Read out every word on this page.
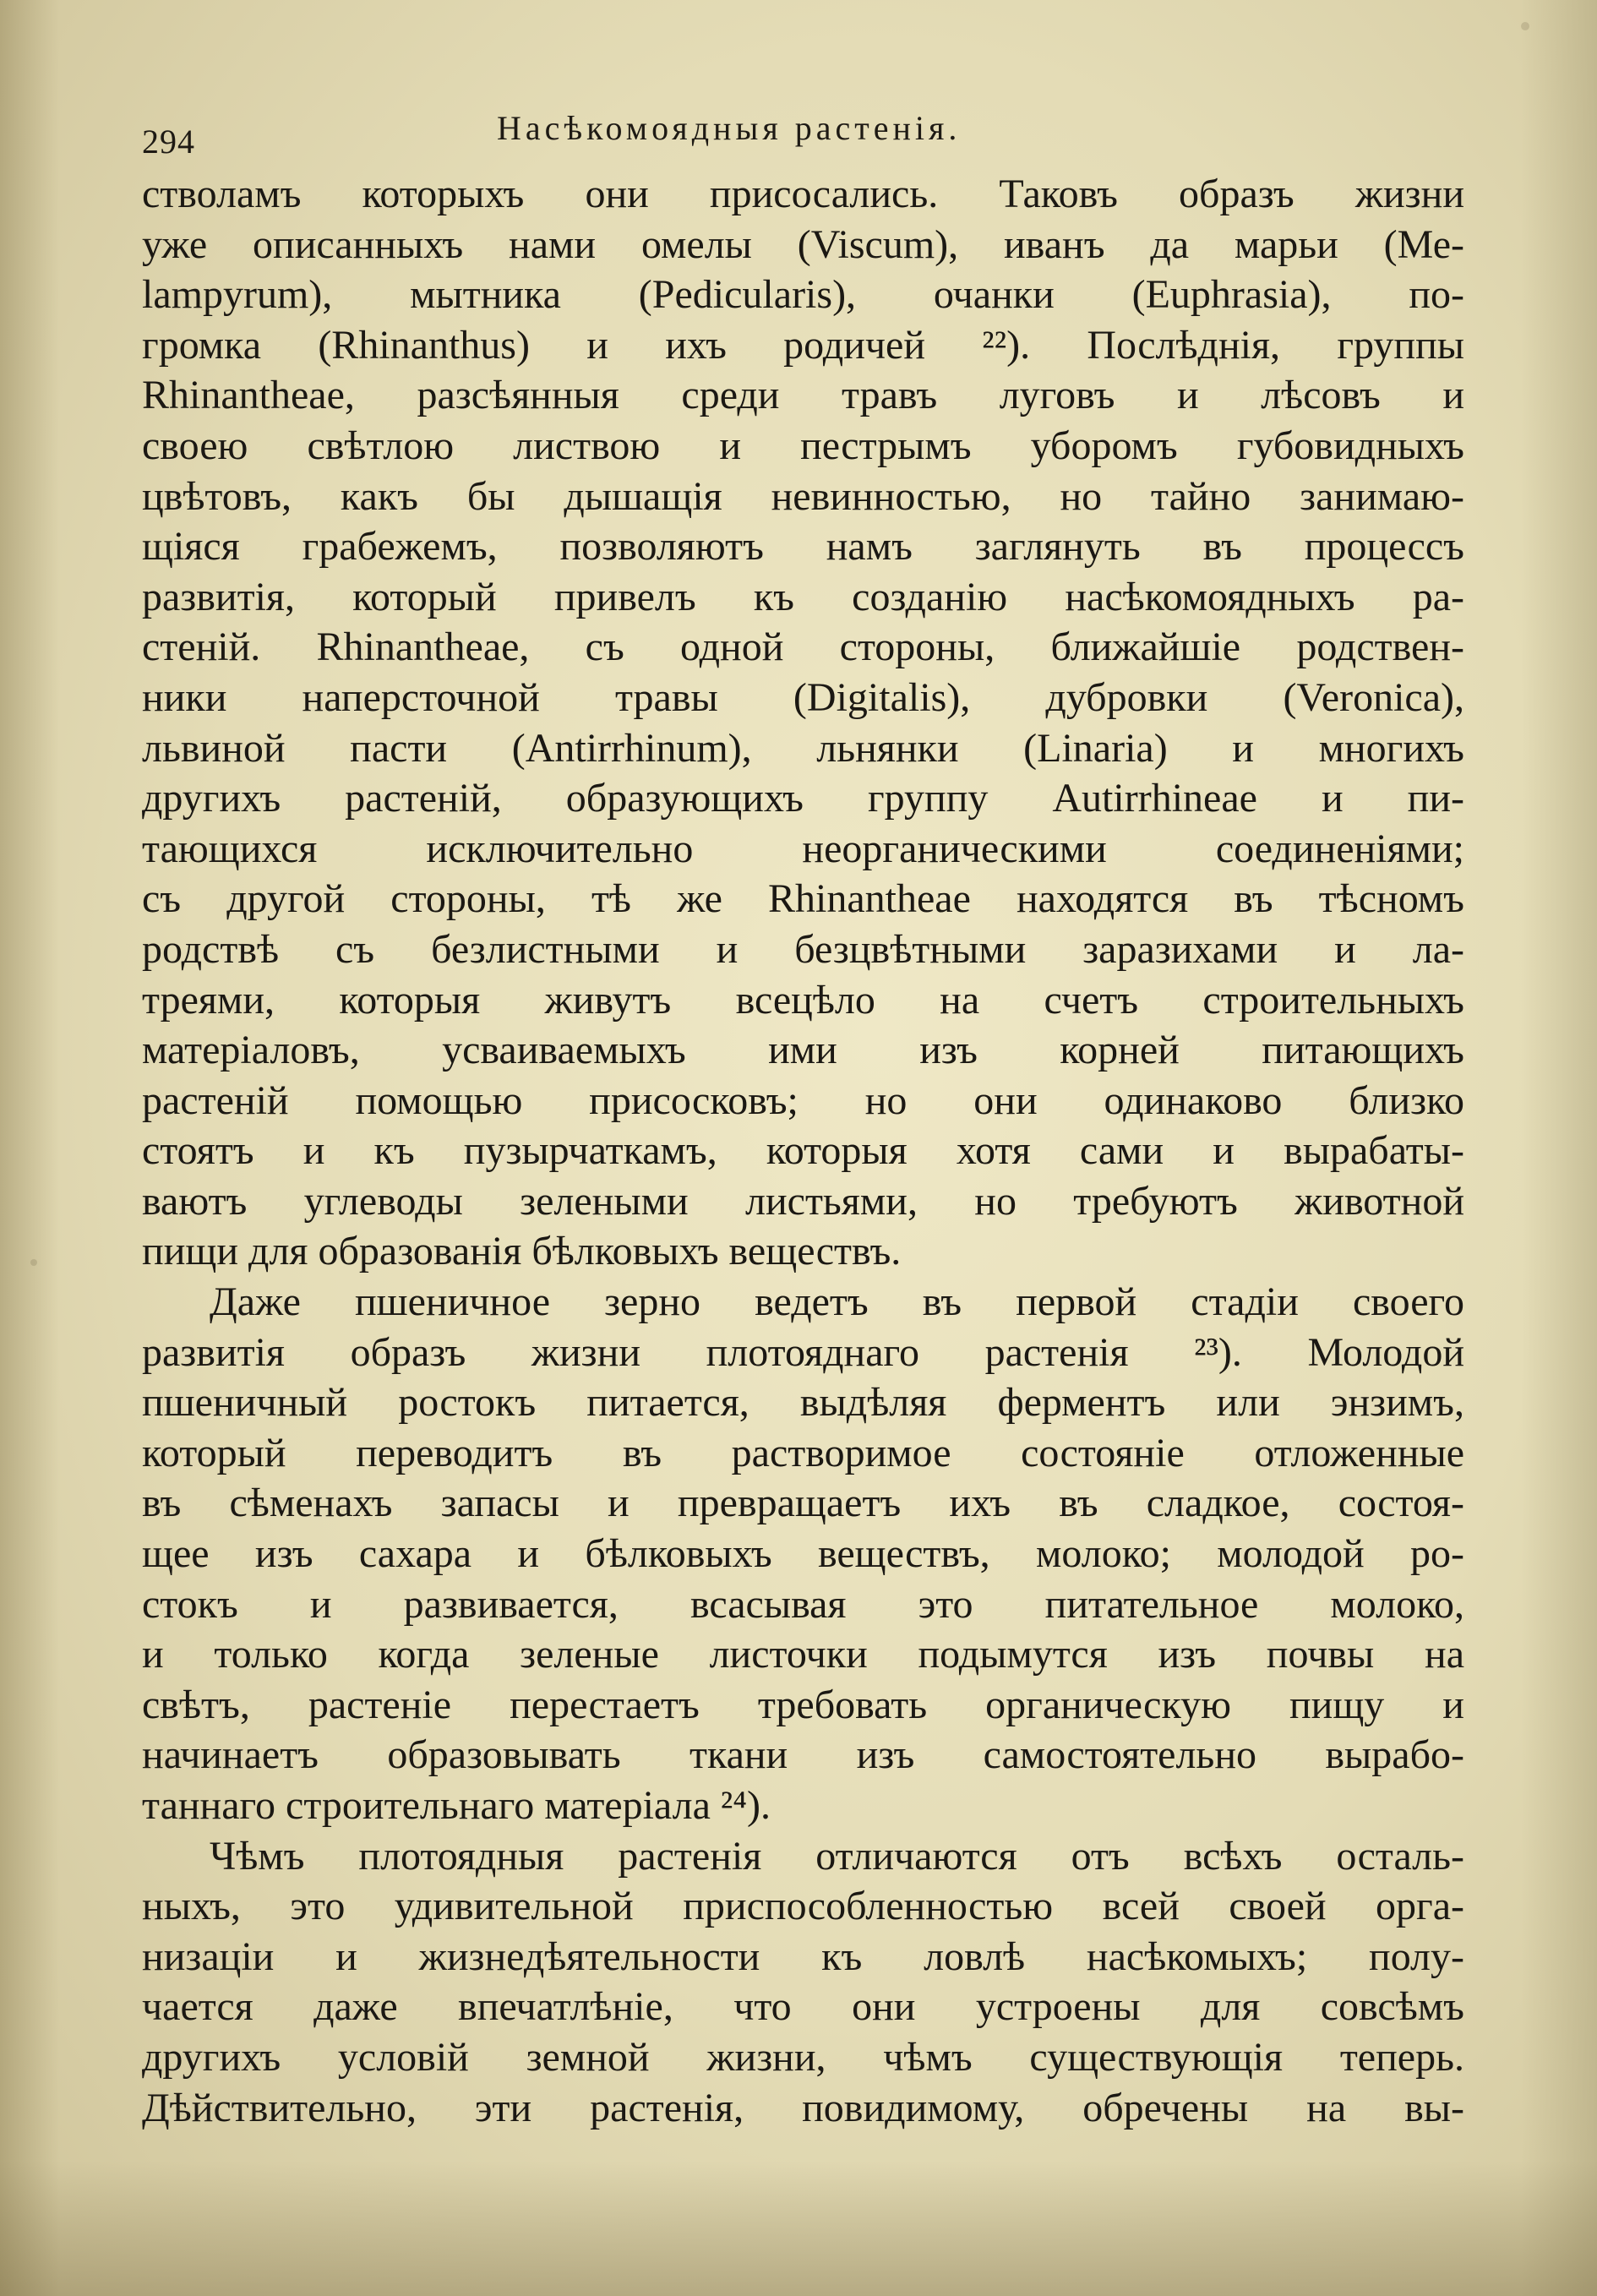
294	Насѣкомоядныя растенія.
стволамъ которыхъ они присосались. Таковъ образъ жизни
уже описанныхъ нами омелы (Viscum), иванъ да марьи (Ме-
lampyrum), мытника (Pedicularis), очанки (Euphrasia), по-
громка (Rhinanthus) и ихъ родичей ²²). Послѣднія, группы
Rhinantheae, разсѣянныя среди травъ луговъ и лѣсовъ и
своею свѣтлою листвою и пестрымъ уборомъ губовидныхъ
цвѣтовъ, какъ бы дышащія невинностью, но тайно занимаю-
щіяся грабежемъ, позволяютъ намъ заглянуть въ процессъ
развитія, который привелъ къ созданію насѣкомоядныхъ ра-
стеній. Rhinantheae, съ одной стороны, ближайшіе родствен-
ники наперсточной травы (Digitalis), дубровки (Veronica),
львиной пасти (Antirrhinum), льнянки (Linaria) и многихъ
другихъ растеній, образующихъ группу Autirrhineae и пи-
тающихся исключительно неорганическими соединеніями;
съ другой стороны, тѣ же Rhinantheae находятся въ тѣсномъ
родствѣ съ безлистными и безцвѣтными заразихами и ла-
треями, которыя живутъ всецѣло на счетъ строительныхъ
матеріаловъ, усваиваемыхъ ими изъ корней питающихъ
растеній помощью присосковъ; но они одинаково близко
стоятъ и къ пузырчаткамъ, которыя хотя сами и вырабаты-
ваютъ углеводы зелеными листьями, но требуютъ животной
пищи для образованія бѣлковыхъ веществъ.
Даже пшеничное зерно ведетъ въ первой стадіи своего
развитія образъ жизни плотояднаго растенія ²³). Молодой
пшеничный ростокъ питается, выдѣляя ферментъ или энзимъ,
который переводитъ въ растворимое состояніе отложенные
въ сѣменахъ запасы и превращаетъ ихъ въ сладкое, состоя-
щее изъ сахара и бѣлковыхъ веществъ, молоко; молодой ро-
стокъ и развивается, всасывая это питательное молоко,
и только когда зеленые листочки подымутся изъ почвы на
свѣтъ, растеніе перестаетъ требовать органическую пищу и
начинаетъ образовывать ткани изъ самостоятельно вырабо-
таннаго строительнаго матеріала ²⁴).
Чѣмъ плотоядныя растенія отличаются отъ всѣхъ осталь-
ныхъ, это удивительной приспособленностью всей своей орга-
низаціи и жизнедѣятельности къ ловлѣ насѣкомыхъ; полу-
чается даже впечатлѣніе, что они устроены для совсѣмъ
другихъ условій земной жизни, чѣмъ существующія теперь.
Дѣйствительно, эти растенія, повидимому, обречены на вы-
